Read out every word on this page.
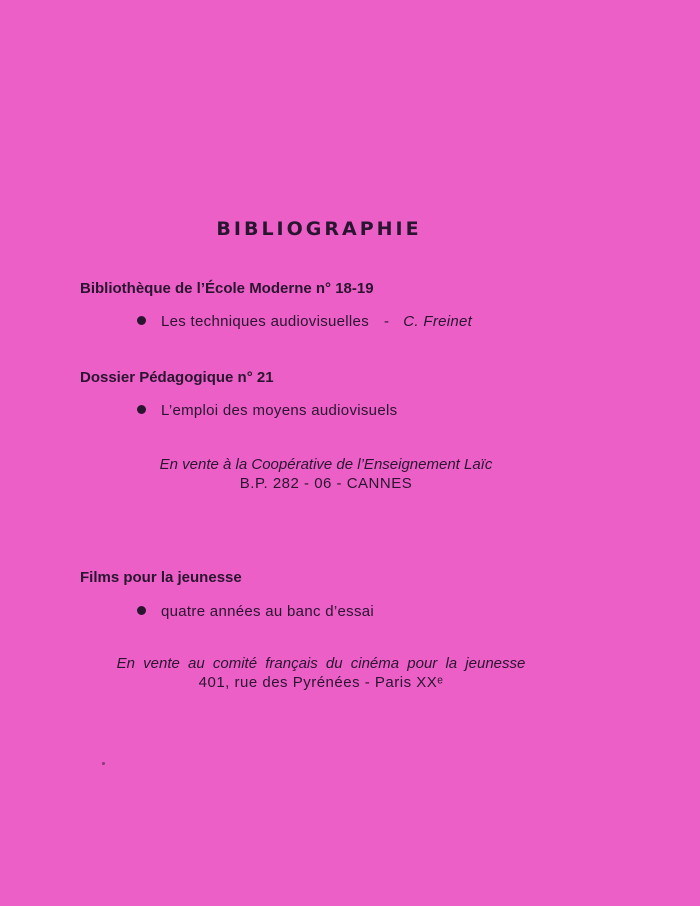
BIBLIOGRAPHIE
Bibliothèque de l’École Moderne n° 18-19
Les techniques audiovisuelles - C. Freinet
Dossier Pédagogique n° 21
L’emploi des moyens audiovisuels
En vente à la Coopérative de l’Enseignement Laïc
B.P. 282 - 06 - CANNES
Films pour la jeunesse
quatre années au banc d’essai
En vente au comité français du cinéma pour la jeunesse
401, rue des Pyrénées - Paris XXᵉ
